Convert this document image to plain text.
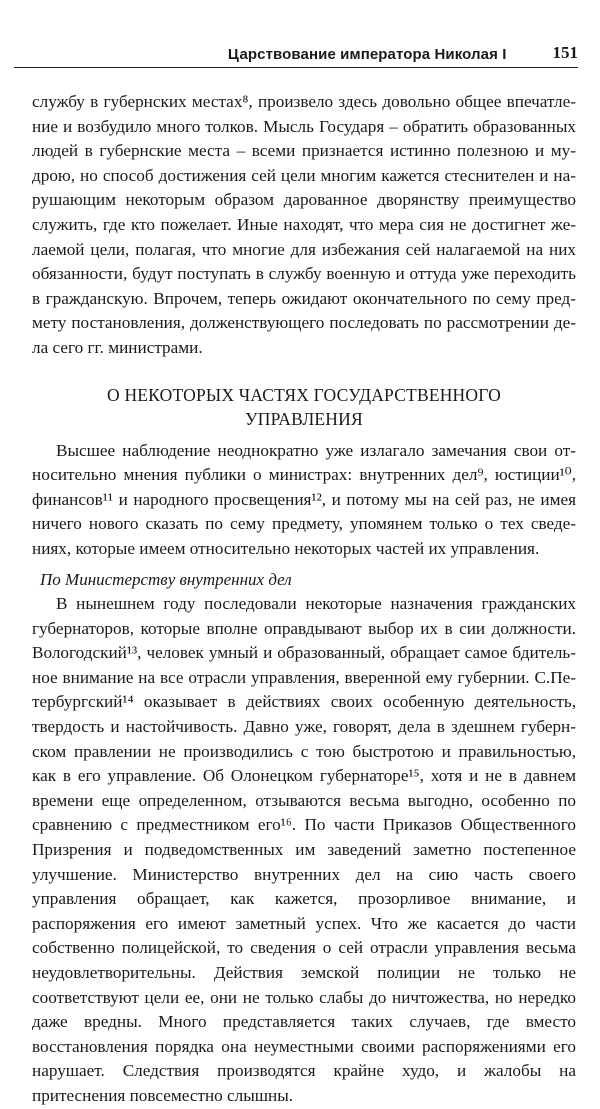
Царствование императора Николая I	151

службу в губернских местах⁸, произвело здесь довольно общее впечатление и возбудило много толков. Мысль Государя – обратить образованных людей в губернские места – всеми признается истинно полезною и мудрою, но способ достижения сей цели многим кажется стеснителен и нарушающим некоторым образом дарованное дворянству преимущество служить, где кто пожелает. Иные находят, что мера сия не достигнет желаемой цели, полагая, что многие для избежания сей налагаемой на них обязанности, будут поступать в службу военную и оттуда уже переходить в гражданскую. Впрочем, теперь ожидают окончательного по сему предмету постановления, долженствующего последовать по рассмотрении дела сего гг. министрами.

О НЕКОТОРЫХ ЧАСТЯХ ГОСУДАРСТВЕННОГО
УПРАВЛЕНИЯ

Высшее наблюдение неоднократно уже излагало замечания свои относительно мнения публики о министрах: внутренних дел⁹, юстиции¹⁰, финансов¹¹ и народного просвещения¹², и потому мы на сей раз, не имея ничего нового сказать по сему предмету, упомянем только о тех сведениях, которые имеем относительно некоторых частей их управления.

По Министерству внутренних дел

В нынешнем году последовали некоторые назначения гражданских губернаторов, которые вполне оправдывают выбор их в сии должности. Вологодский¹³, человек умный и образованный, обращает самое бдительное внимание на все отрасли управления, вверенной ему губернии. С.Петербургский¹⁴ оказывает в действиях своих особенную деятельность, твердость и настойчивость. Давно уже, говорят, дела в здешнем губернском правлении не производились с тою быстротою и правильностью, как в его управление. Об Олонецком губернаторе¹⁵, хотя и не в давнем времени еще определенном, отзываются весьма выгодно, особенно по сравнению с предместником его¹⁶. По части Приказов Общественного Призрения и подведомственных им заведений заметно постепенное улучшение. Министерство внутренних дел на сию часть своего управления обращает, как кажется, прозорливое внимание, и распоряжения его имеют заметный успех. Что же касается до части собственно полицейской, то сведения о сей отрасли управления весьма неудовлетворительны. Действия земской полиции не только не соответствуют цели ее, они не только слабы до ничтожества, но нередко даже вредны. Много представляется таких случаев, где вместо восстановления порядка она неуместными своими распоряжениями его нарушает. Следствия производятся крайне худо, и жалобы на притеснения повсеместно слышны.
